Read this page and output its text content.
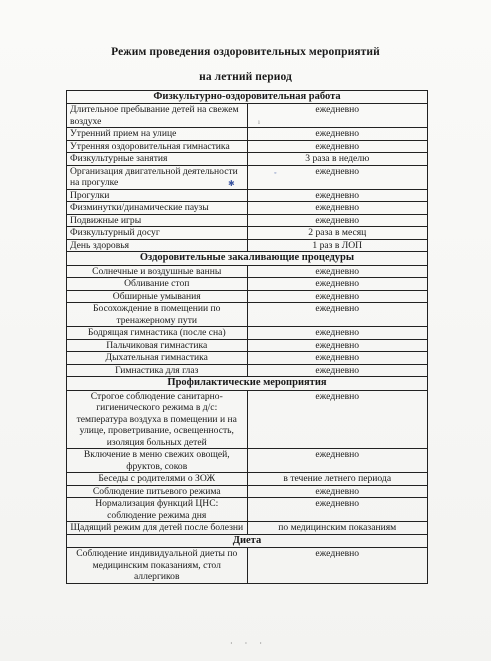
Режим проведения оздоровительных мероприятий
на летний период
Физкультурно-оздоровительная работа	
Длительное пребывание детей на свежем воздухе	ежедневно
Утренний прием на улице	ежедневно
Утренняя оздоровительная гимнастика	ежедневно
Физкультурные занятия	3 раза в неделю
Организация двигательной деятельности на прогулке	ежедневно
Прогулки	ежедневно
Физминутки/динамические паузы	ежедневно
Подвижные игры	ежедневно
Физкультурный досуг	2 раза в месяц
День здоровья	1 раз в ЛОП
Оздоровительные закаливающие процедуры	
Солнечные и воздушные ванны	ежедневно
Обливание стоп	ежедневно
Обширные умывания	ежедневно
Босохождение в помещении по тренажерному пути	ежедневно
Бодрящая гимнастика (после сна)	ежедневно
Пальчиковая гимнастика	ежедневно
Дыхательная гимнастика	ежедневно
Гимнастика для глаз	ежедневно
Профилактические мероприятия	
Строгое соблюдение санитарно-гигиенического режима в д/с: температура воздуха в помещении и на улице, проветривание, освещенность, изоляция больных детей	ежедневно
Включение в меню свежих овощей, фруктов, соков	ежедневно
Беседы с родителями о ЗОЖ	в течение летнего периода
Соблюдение питьевого режима	ежедневно
Нормализация функций ЦНС: соблюдение режима дня	ежедневно
Щадящий режим для детей после болезни	по медицинским показаниям
Диета	
Соблюдение индивидуальной диеты по медицинским показаниям, стол аллергиков	ежедневно
ı
◦
✱
· · ·
